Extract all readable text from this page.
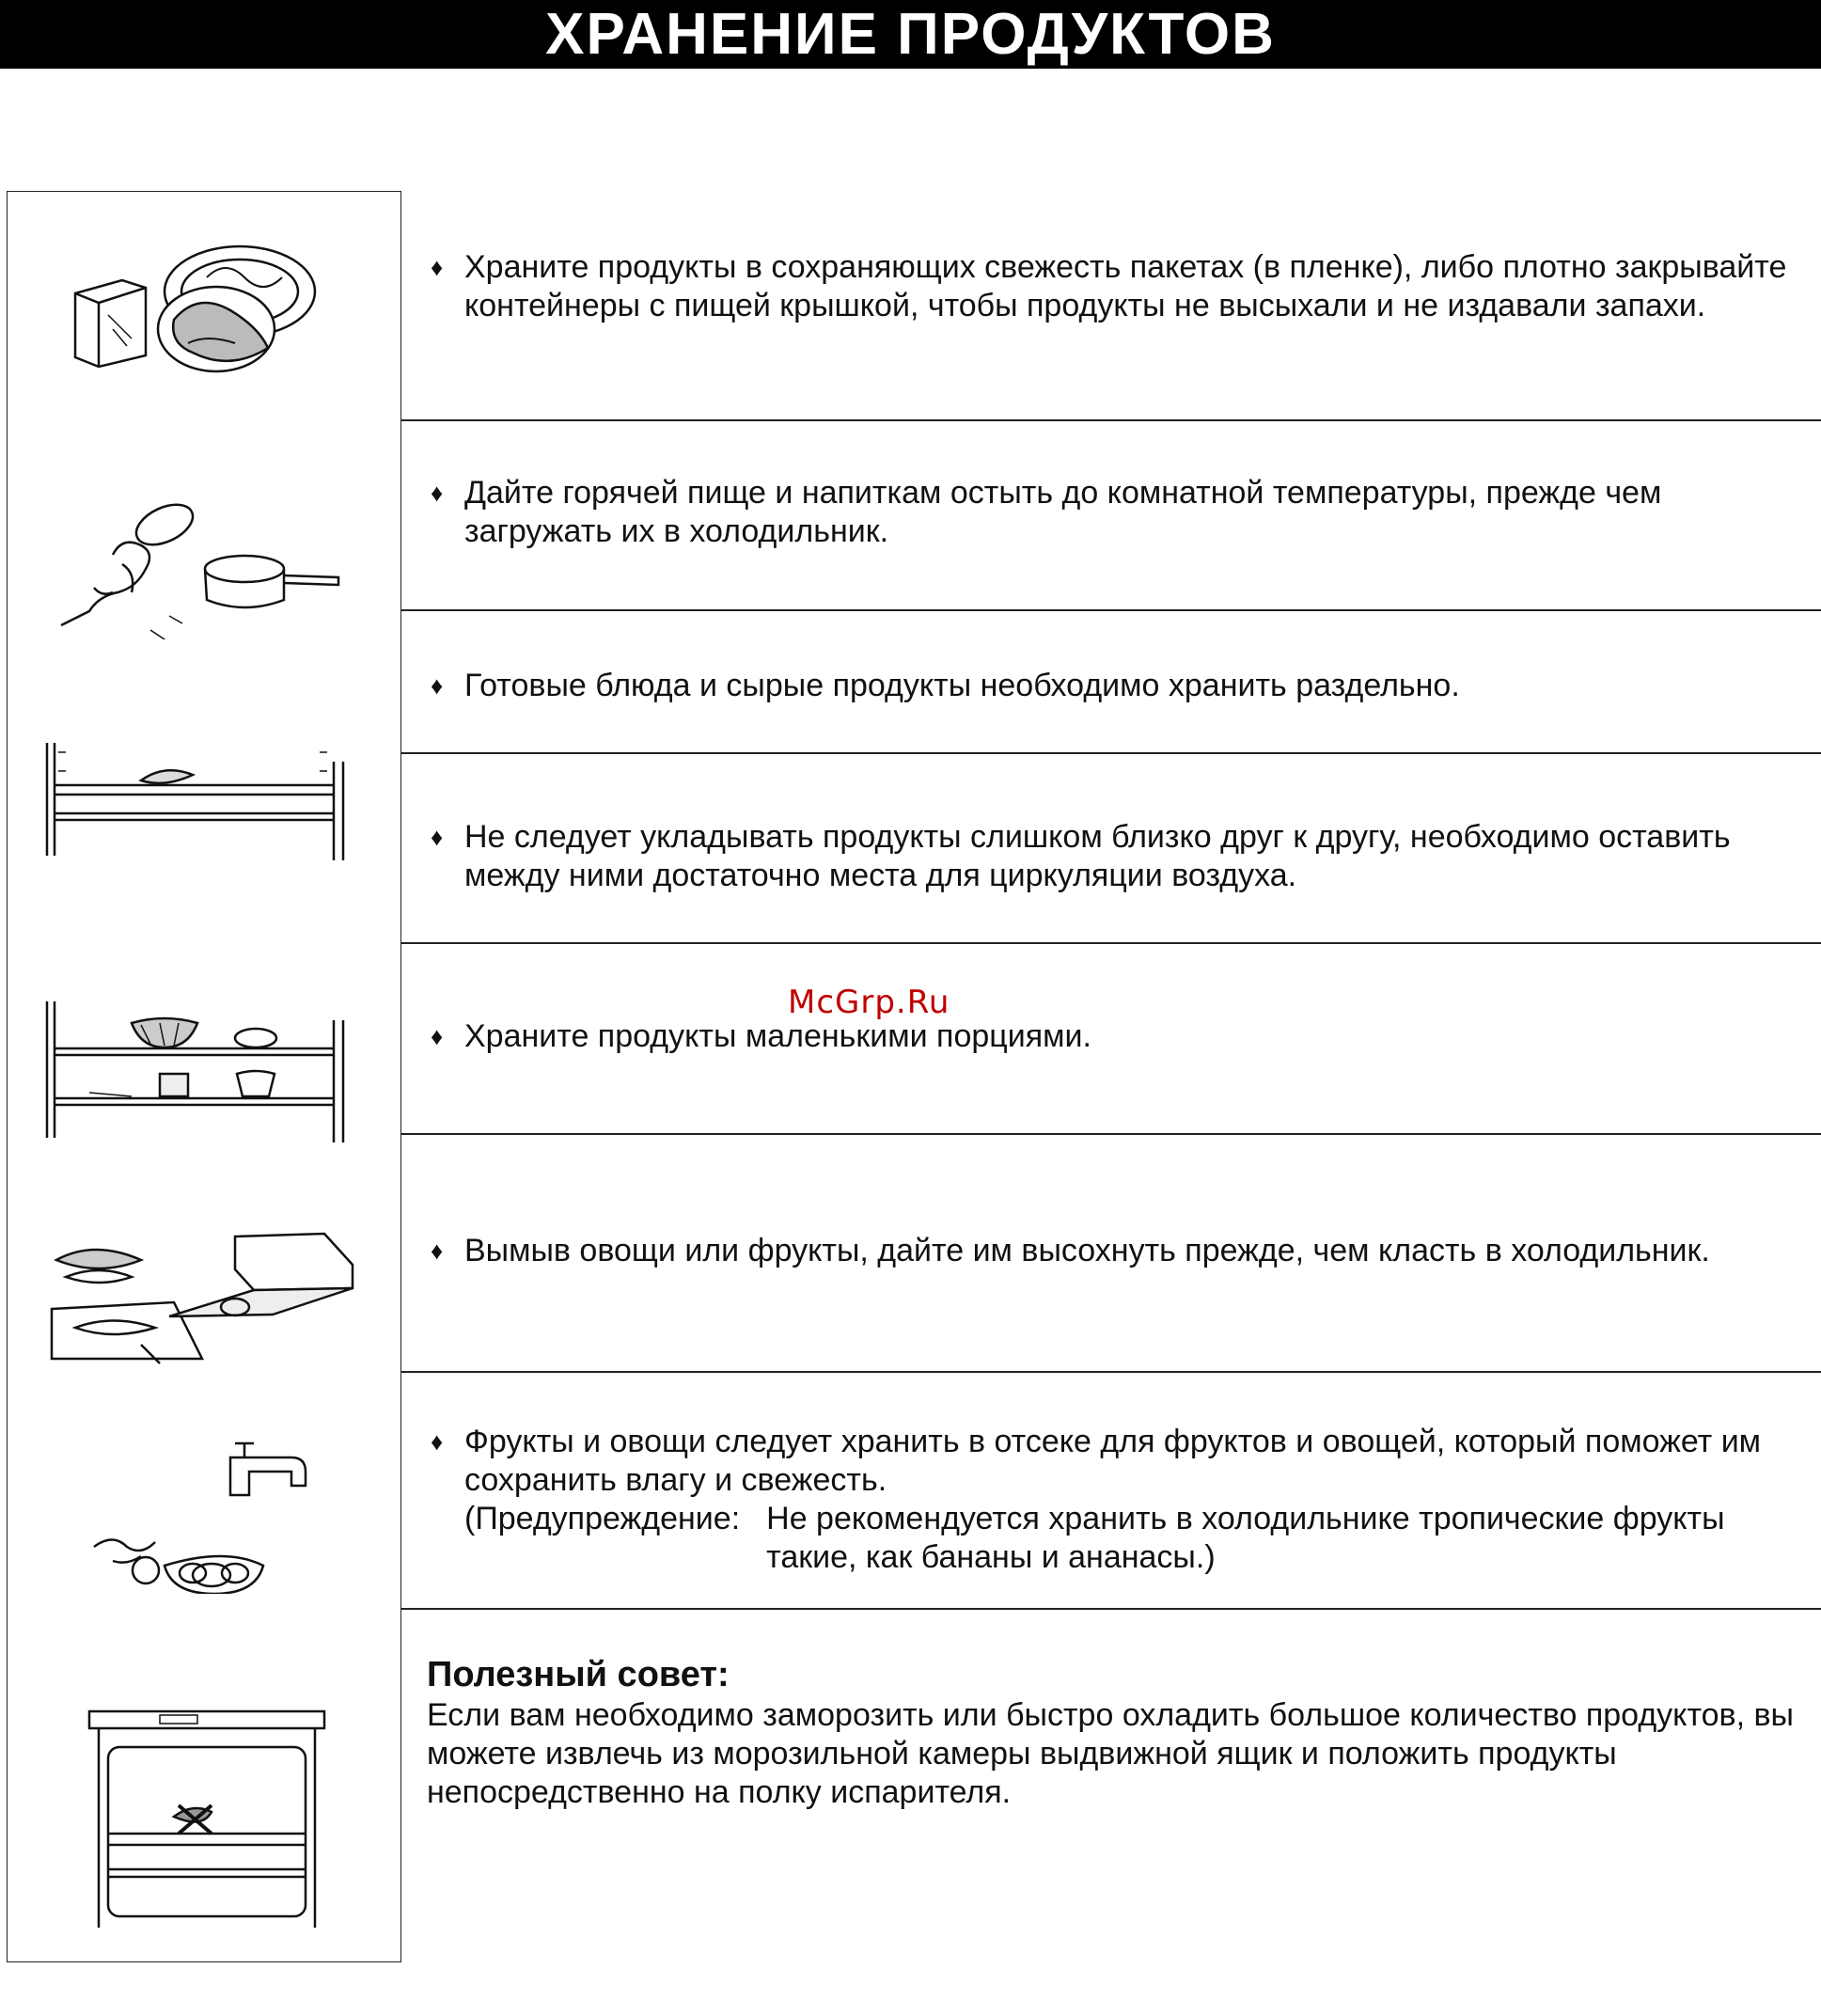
ХРАНЕНИЕ ПРОДУКТОВ
♦ Храните продукты в сохраняющих свежесть пакетах (в пленке), либо плотно закрывайте контейнеры с пищей крышкой, чтобы продукты не высыхали и не издавали запахи.
♦ Дайте горячей пище и напиткам остыть до комнатной температуры, прежде чем загружать их в холодильник.
♦ Готовые блюда и сырые продукты необходимо хранить раздельно.
♦ Не следует укладывать продукты слишком близко друг к другу, необходимо оставить между ними достаточно места для циркуляции воздуха.
♦ Храните продукты маленькими порциями.
♦ Вымыв овощи или фрукты, дайте им высохнуть прежде, чем класть в холодильник.
♦ Фрукты и овощи следует хранить в отсеке для фруктов и овощей, который поможет им сохранить влагу и свежесть.
(Предупреждение: Не рекомендуется хранить в холодильнике тропические фрукты такие, как бананы и ананасы.)
Полезный совет:
Если вам необходимо заморозить или быстро охладить большое количество продуктов, вы можете извлечь из морозильной камеры выдвижной ящик и положить продукты непосредственно на полку испарителя.
McGrp.Ru
